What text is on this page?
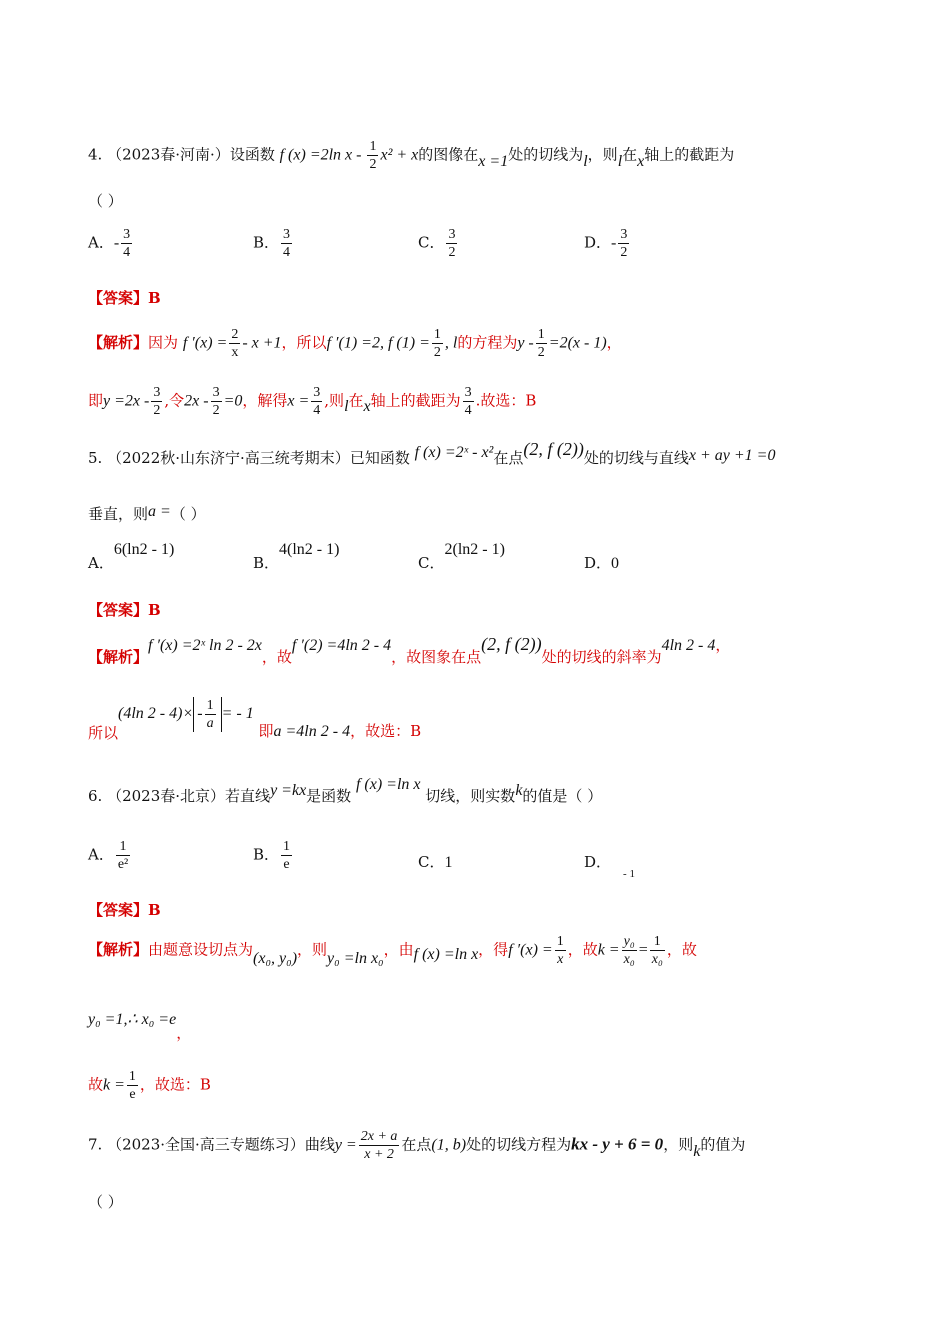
4. （2023春·河南·）设函数 f (x) =2ln $x - \frac{1}{2} x^2 + x$的图像在x =1处的切线为l，则l在x轴上的截距为
（ ）
A．- $\frac{3}{4}$	B． $\frac{3}{4}$	C． $\frac{3}{2}$	D．- $\frac{3}{2}$
【答案】B
【解析】因为 f $'(x) = \frac{2}{x} - x +1$，所以f ′(1) =2, f $(1) = \frac{1}{2}$ , l的方程为$y - \frac{1}{2} =2(x - 1)$，
即$y =2x - \frac{3}{2}$ ,令$2x - \frac{3}{2} =0$，解得$x = \frac{3}{4}$ ,则l在x轴上的截距为 $\frac{3}{4}$ .故选：B
5. （2022秋·山东济宁·高三统考期末）已知函数 f (x) =2ˣ - x²在点(2, f (2))处的切线与直线x + ay +1 =0
垂直，则a =（ ）
A．6(ln2 - 1)
B．4(ln2 - 1)
C．2(ln2 - 1)
D．0
【答案】B
【解析】f ′(x) =2ˣ ln 2 - 2x，故f ′(2) =4ln 2 - 4，故图象在点(2, f (2))处的切线的斜率为4ln 2 - 4，
所以(4ln $2 - 4)\times - \frac{1}{a}$ = - 1 即a =4ln 2 - 4，故选：B
6. （2023春·北京）若直线y =kx是函数 f (x) =ln x 切线，则实数k的值是（ ）
A． $\frac{1}{\text{e²}}$	B． $\frac{1}{e}$	C．1	D．$_{- 1}$
【答案】B
【解析】由题意设切点为(x₀, y₀)，则y₀ =ln x₀，由f (x) =ln x，得f $'(x) = \frac{1}{x}$ ，故$k = \frac{\text{y₀}}{\text{x₀}} = \frac{1}{\text{x₀}}$ ，故
y₀ =1,∴ x₀ =e，
故$k = \frac{1}{e}$ ，故选：B
7. （2023·全国·高三专题练习）曲线$y = \frac{2x + a}{x + 2}$ 在点(1, b)处的切线方程为kx - y + 6 = 0，则k的值为
（ ）
